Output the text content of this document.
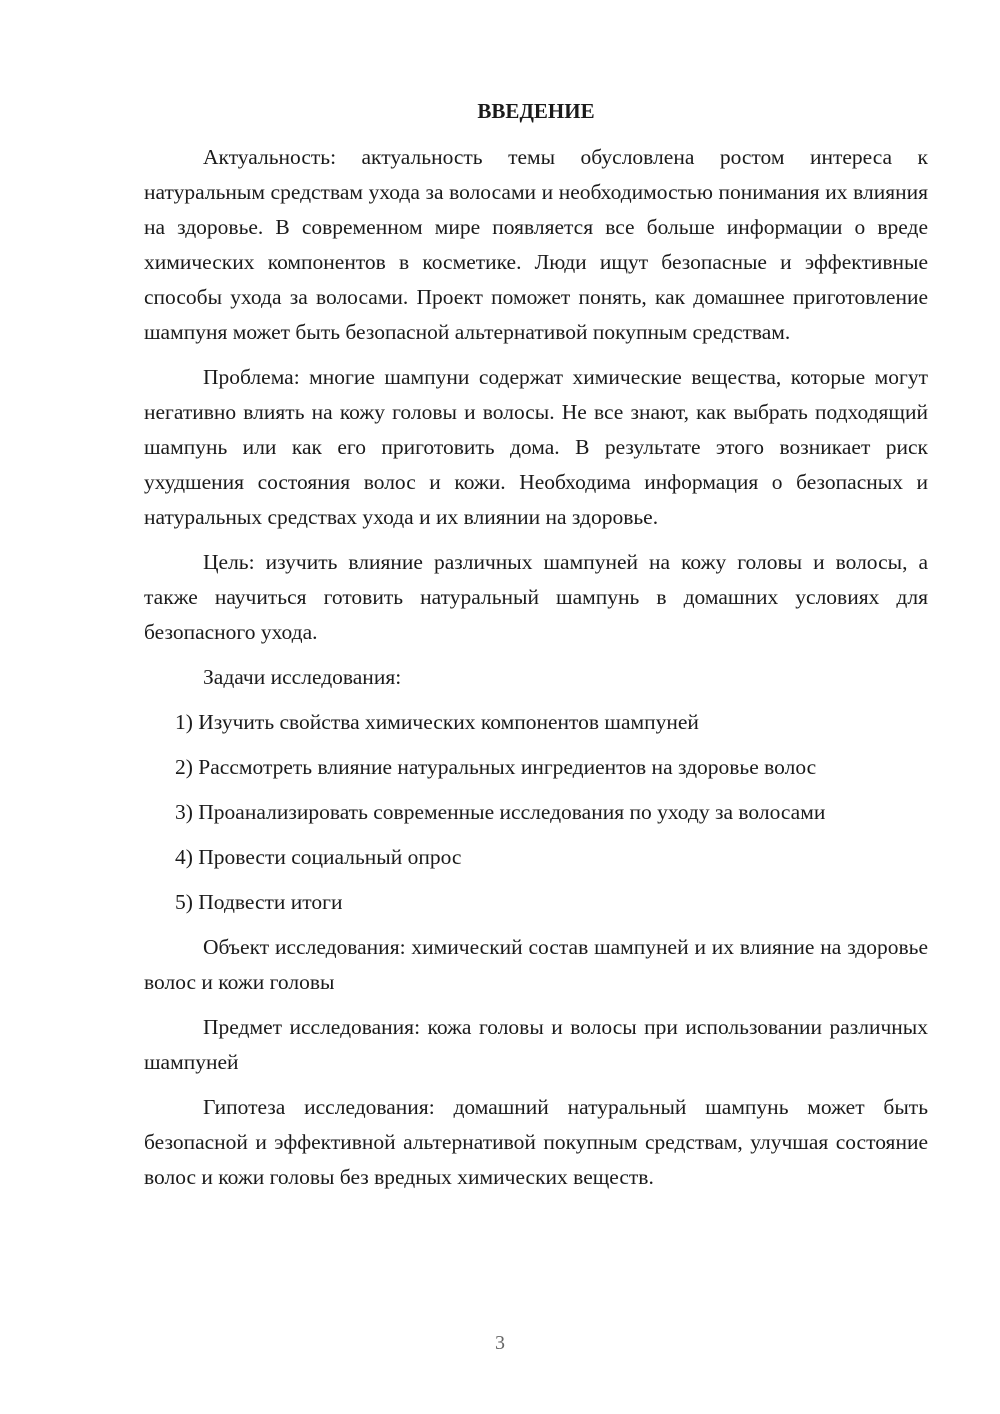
ВВЕДЕНИЕ

Актуальность: актуальность темы обусловлена ростом интереса к натуральным средствам ухода за волосами и необходимостью понимания их влияния на здоровье. В современном мире появляется все больше информации о вреде химических компонентов в косметике. Люди ищут безопасные и эффективные способы ухода за волосами. Проект поможет понять, как домашнее приготовление шампуня может быть безопасной альтернативой покупным средствам.

Проблема: многие шампуни содержат химические вещества, которые могут негативно влиять на кожу головы и волосы. Не все знают, как выбрать подходящий шампунь или как его приготовить дома. В результате этого возникает риск ухудшения состояния волос и кожи. Необходима информация о безопасных и натуральных средствах ухода и их влиянии на здоровье.

Цель: изучить влияние различных шампуней на кожу головы и волосы, а также научиться готовить натуральный шампунь в домашних условиях для безопасного ухода.

Задачи исследования:

1) Изучить свойства химических компонентов шампуней
2) Рассмотреть влияние натуральных ингредиентов на здоровье волос
3) Проанализировать современные исследования по уходу за волосами
4) Провести социальный опрос
5) Подвести итоги

Объект исследования: химический состав шампуней и их влияние на здоровье волос и кожи головы

Предмет исследования: кожа головы и волосы при использовании различных шампуней

Гипотеза исследования: домашний натуральный шампунь может быть безопасной и эффективной альтернативой покупным средствам, улучшая состояние волос и кожи головы без вредных химических веществ.

3
